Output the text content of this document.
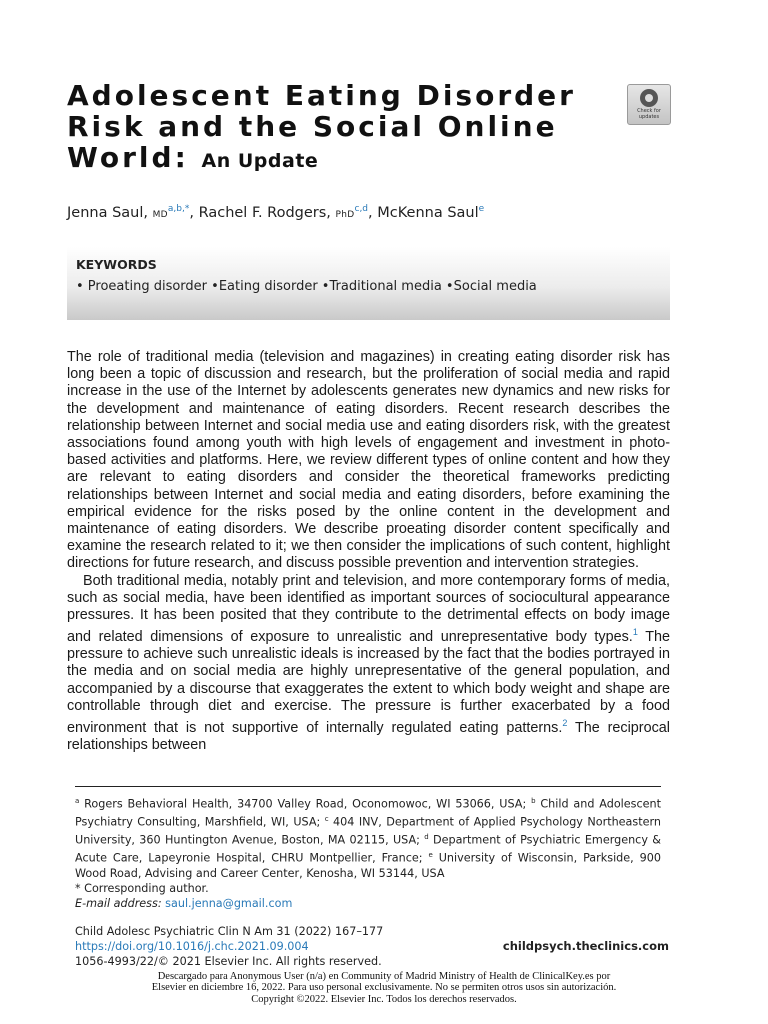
Adolescent Eating Disorder Risk and the Social Online World: An Update
Check for updates
Jenna Saul, $MD^{a,b,*}$, Rachel F. Rodgers, PhD$^{c,d}$, McKenna Saul$^e$
KEYWORDS
• Proeating disorder • Eating disorder • Traditional media • Social media

The role of traditional media (television and magazines) in creating eating disorder risk has long been a topic of discussion and research, but the proliferation of social media and rapid increase in the use of the Internet by adolescents generates new dynamics and new risks for the development and maintenance of eating disorders. Recent research describes the relationship between Internet and social media use and eating disorders risk, with the greatest associations found among youth with high levels of engagement and investment in photo-based activities and platforms. Here, we review different types of online content and how they are relevant to eating disorders and consider the theoretical frameworks predicting relationships between Internet and social media and eating disorders, before examining the empirical evidence for the risks posed by the online content in the development and maintenance of eating disorders. We describe proeating disorder content specifically and examine the research related to it; we then consider the implications of such content, highlight directions for future research, and discuss possible prevention and intervention strategies.

Both traditional media, notably print and television, and more contemporary forms of media, such as social media, have been identified as important sources of sociocultural appearance pressures. It has been posited that they contribute to the detrimental effects on body image and related dimensions of exposure to unrealistic and unrepresentative body types.$^1$ The pressure to achieve such unrealistic ideals is increased by the fact that the bodies portrayed in the media and on social media are highly unrepresentative of the general population, and accompanied by a discourse that exaggerates the extent to which body weight and shape are controllable through diet and exercise. The pressure is further exacerbated by a food environment that is not supportive of internally regulated eating patterns.$^2$ The reciprocal relationships between

$^a$ Rogers Behavioral Health, 34700 Valley Road, Oconomowoc, WI 53066, USA; $^b$ Child and Adolescent Psychiatry Consulting, Marshfield, WI, USA; $^c$ 404 INV, Department of Applied Psychology Northeastern University, 360 Huntington Avenue, Boston, MA 02115, USA; $^d$ Department of Psychiatric Emergency & Acute Care, Lapeyronie Hospital, CHRU Montpellier, France; $^e$ University of Wisconsin, Parkside, 900 Wood Road, Advising and Career Center, Kenosha, WI 53144, USA
* Corresponding author.
E-mail address: saul.jenna@gmail.com
Child Adolesc Psychiatric Clin N Am 31 (2022) 167–177
https://doi.org/10.1016/j.chc.2021.09.004
1056-4993/22/© 2021 Elsevier Inc. All rights reserved.
childpsych.theclinics.com
Descargado para Anonymous User (n/a) en Community of Madrid Ministry of Health de ClinicalKey.es por Elsevier en diciembre 16, 2022. Para uso personal exclusivamente. No se permiten otros usos sin autorización. Copyright ©2022. Elsevier Inc. Todos los derechos reservados.
